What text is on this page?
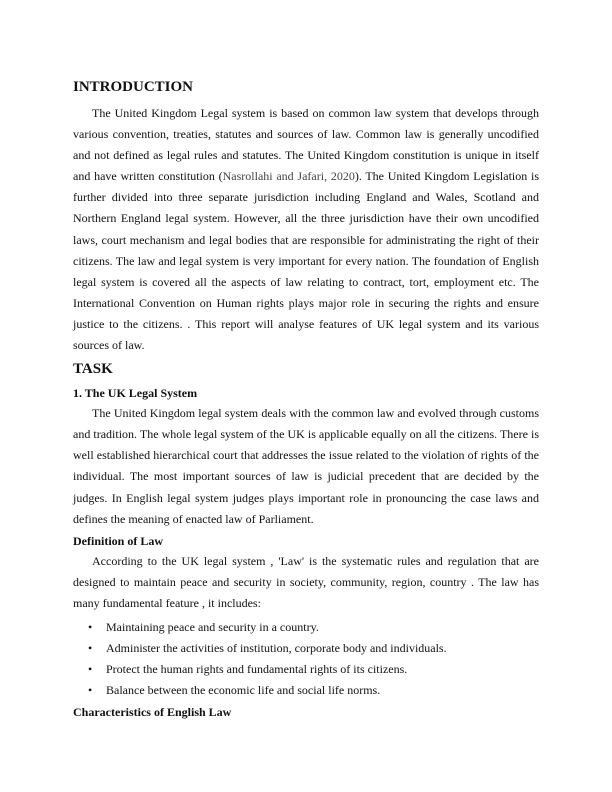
INTRODUCTION

The United Kingdom Legal system is based on common law system that develops through various convention, treaties, statutes and sources of law. Common law is generally uncodified and not defined as legal rules and statutes. The United Kingdom constitution is unique in itself and have written constitution (Nasrollahi and Jafari, 2020). The United Kingdom Legislation is further divided into three separate jurisdiction including England and Wales, Scotland and Northern England legal system. However, all the three jurisdiction have their own uncodified laws, court mechanism and legal bodies that are responsible for administrating the right of their citizens. The law and legal system is very important for every nation. The foundation of English legal system is covered all the aspects of law relating to contract, tort, employment etc. The International Convention on Human rights plays major role in securing the rights and ensure justice to the citizens. . This report will analyse features of UK legal system and its various sources of law.

TASK
1. The UK Legal System

The United Kingdom legal system deals with the common law and evolved through customs and tradition. The whole legal system of the UK is applicable equally on all the citizens. There is well established hierarchical court that addresses the issue related to the violation of rights of the individual. The most important sources of law is judicial precedent that are decided by the judges. In English legal system judges plays important role in pronouncing the case laws and defines the meaning of enacted law of Parliament.

Definition of Law

According to the UK legal system , 'Law' is the systematic rules and regulation that are designed to maintain peace and security in society, community, region, country . The law has many fundamental feature , it includes:

• Maintaining peace and security in a country.
• Administer the activities of institution, corporate body and individuals.
• Protect the human rights and fundamental rights of its citizens.
• Balance between the economic life and social life norms.
Characteristics of English Law
